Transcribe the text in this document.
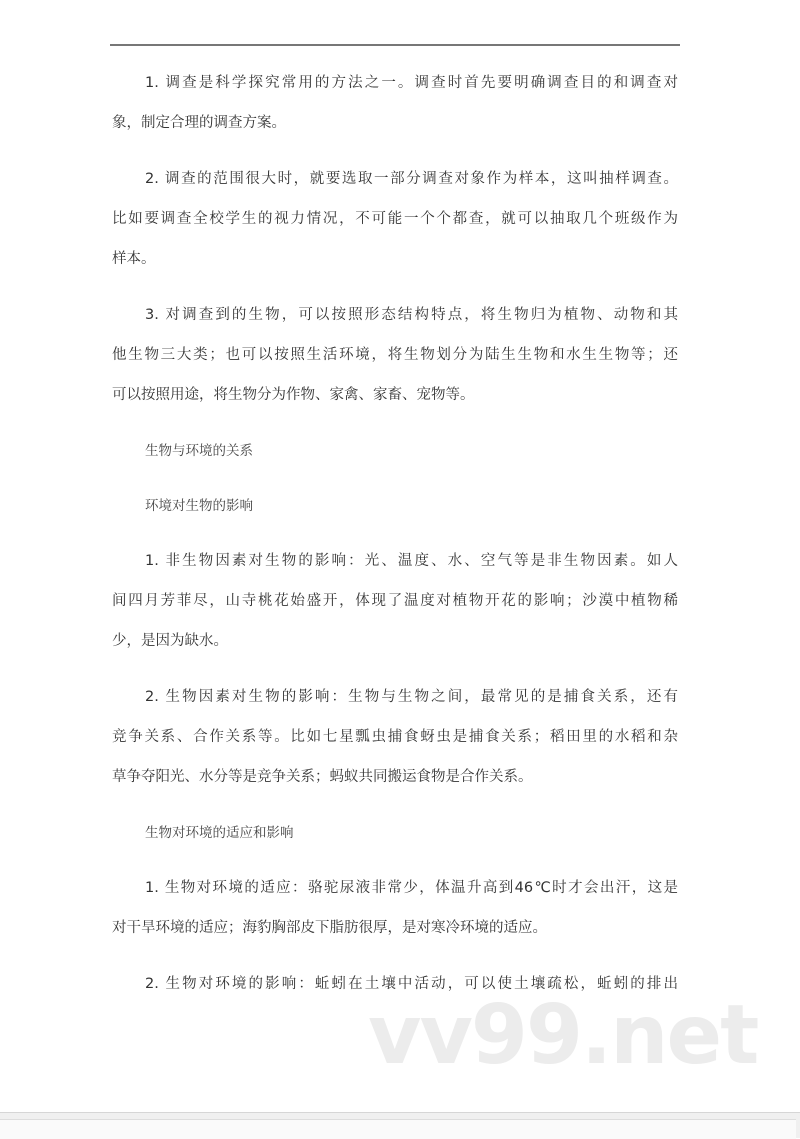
1. 调查是科学探究常用的方法之一。调查时首先要明确调查目的和调查对
象，制定合理的调查方案。
2. 调查的范围很大时，就要选取一部分调查对象作为样本，这叫抽样调查。
比如要调查全校学生的视力情况，不可能一个个都查，就可以抽取几个班级作为
样本。
3. 对调查到的生物，可以按照形态结构特点，将生物归为植物、动物和其
他生物三大类；也可以按照生活环境，将生物划分为陆生生物和水生生物等；还
可以按照用途，将生物分为作物、家禽、家畜、宠物等。
生物与环境的关系
环境对生物的影响
1. 非生物因素对生物的影响：光、温度、水、空气等是非生物因素。如人
间四月芳菲尽，山寺桃花始盛开，体现了温度对植物开花的影响；沙漠中植物稀
少，是因为缺水。
2. 生物因素对生物的影响：生物与生物之间，最常见的是捕食关系，还有
竞争关系、合作关系等。比如七星瓢虫捕食蚜虫是捕食关系；稻田里的水稻和杂
草争夺阳光、水分等是竞争关系；蚂蚁共同搬运食物是合作关系。
生物对环境的适应和影响
1. 生物对环境的适应：骆驼尿液非常少，体温升高到46℃时才会出汗，这是
对干旱环境的适应；海豹胸部皮下脂肪很厚，是对寒冷环境的适应。
2. 生物对环境的影响：蚯蚓在土壤中活动，可以使土壤疏松，蚯蚓的排出
vv99.net
